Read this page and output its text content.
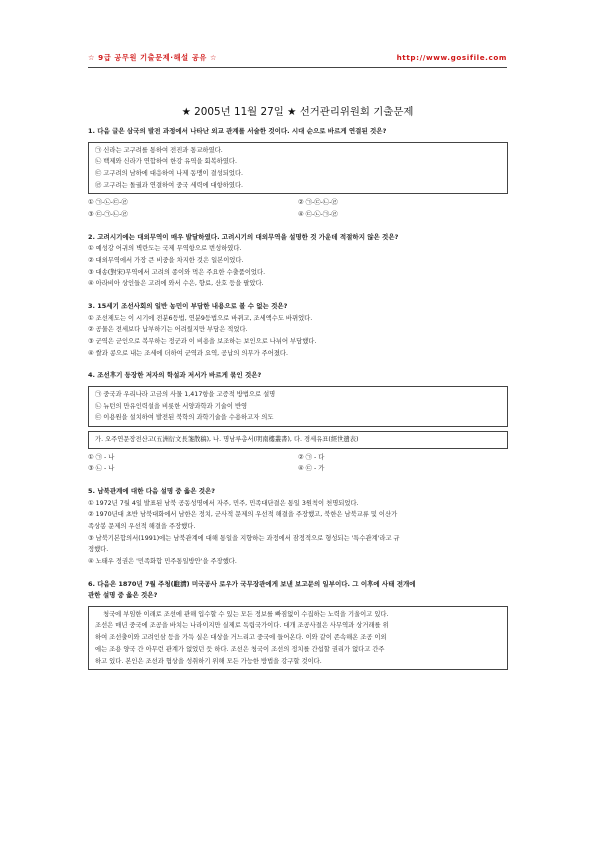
☆ 9급 공무원 기출문제·해설 공유 ☆	http://www.gosifile.com
★ 2005년 11월 27일 ★ 선거관리위원회 기출문제
1. 다음 글은 삼국의 발전 과정에서 나타난 외교 관계를 서술한 것이다. 시대 순으로 바르게 연결된 것은?
㉠ 신라는 고구려를 통하여 전진과 통교하였다.
㉡ 백제와 신라가 연합하여 한강 유역을 회복하였다.
㉢ 고구려의 남하에 대응하여 나제 동맹이 결성되었다.
㉣ 고구려는 돌궐과 연결하여 중국 세력에 대항하였다.
① ㉠-㉡-㉢-㉣	② ㉠-㉢-㉡-㉣
③ ㉢-㉠-㉡-㉣	④ ㉢-㉡-㉠-㉣
2. 고려시기에는 대외무역이 매우 발달하였다. 고려시기의 대외무역을 설명한 것 가운데 적절하지 않은 것은?
① 예성강 어귀의 벽란도는 국제 무역항으로 번성하였다.
② 대외무역에서 가장 큰 비중을 차지한 것은 일본이었다.
③ 대송(對宋)무역에서 고려의 종이와 먹은 주요한 수출품이었다.
④ 아라비아 상인들은 고려에 와서 수은, 향료, 산호 등을 팔았다.
3. 15세기 조선사회의 일반 농민이 부담한 내용으로 볼 수 없는 것은?
① 조선제도는 이 시기에 전분6등법, 연분9등법으로 바뀌고, 조세액수도 바뀌었다.
② 공물은 전세보다 납부하기는 어려웠지만 부담은 적었다.
③ 군역은 군인으로 복무하는 정군과 이 비용을 보조하는 보인으로 나뉘어 부담했다.
④ 쌀과 콩으로 내는 조세에 더하여 군역과 요역, 공납의 의무가 주어졌다.
4. 조선후기 등장한 저자의 학설과 저서가 바르게 묶인 것은?
㉠ 중국과 우리나라 고금의 사물 1,417항을 고증적 방법으로 설명
㉡ 뉴턴의 만유인력설을 비롯한 서양과학과 기술이 반영
㉢ 이용원을 설치하여 발전된 북학의 과학기술을 수용하고자 의도
가. 오주연문장전산고(五洲衍文長箋散稿), 나. 명남루총서(明南樓叢書), 다. 경세유표(經世遺表)
① ㉠ - 나	② ㉠ - 다
③ ㉡ - 나	④ ㉢ - 가
5. 남북관계에 대한 다음 설명 중 옳은 것은?
① 1972년 7월 4일 발표된 남북 공동성명에서 자주, 민주, 민족대단결은 통일 3원칙이 천명되었다.
② 1970년대 초반 남북대화에서 남한은 정치, 군사적 문제의 우선적 해결을 주장했고, 북한은 남북교류 및 이산가
족상봉 문제의 우선적 해결을 주장했다.
③ 남북기본합의서(1991)에는 남북관계에 대해 통일을 지향하는 과정에서 잠정적으로 형성되는 '특수관계'라고 규
정했다.
④ 노태우 정권은 '민족화합 민주통일방안'을 주장했다.
6. 다음은 1870년 7월 주청(駐淸) 미국공사 로우가 국무장관에게 보낸 보고문의 일부이다. 그 이후에 사태 전개에
관한 설명 중 옳은 것은?
청국에 부임한 이래로 조선에 관해 입수할 수 있는 모든 정보를 빠짐없이 수집하는 노력을 기울이고 있다.
조선은 매년 중국에 조공을 바치는 나라이지만 실제로 독립국가이다. 대개 조공사절은 사무역과 상거래를 위
하여 조선출이와 고려인삼 등을 가득 실은 대상을 거느리고 중국에 들어온다. 이와 같이 존속해온 조공 이외
에는 조용 양국 간 아무런 관계가 없었던 듯 하다. 조선은 청국이 조선의 정치를 간섭할 권리가 없다고 간주
하고 있다. 본인은 조선과 협상을 성취하기 위해 모든 가능한 방법을 강구할 것이다.
